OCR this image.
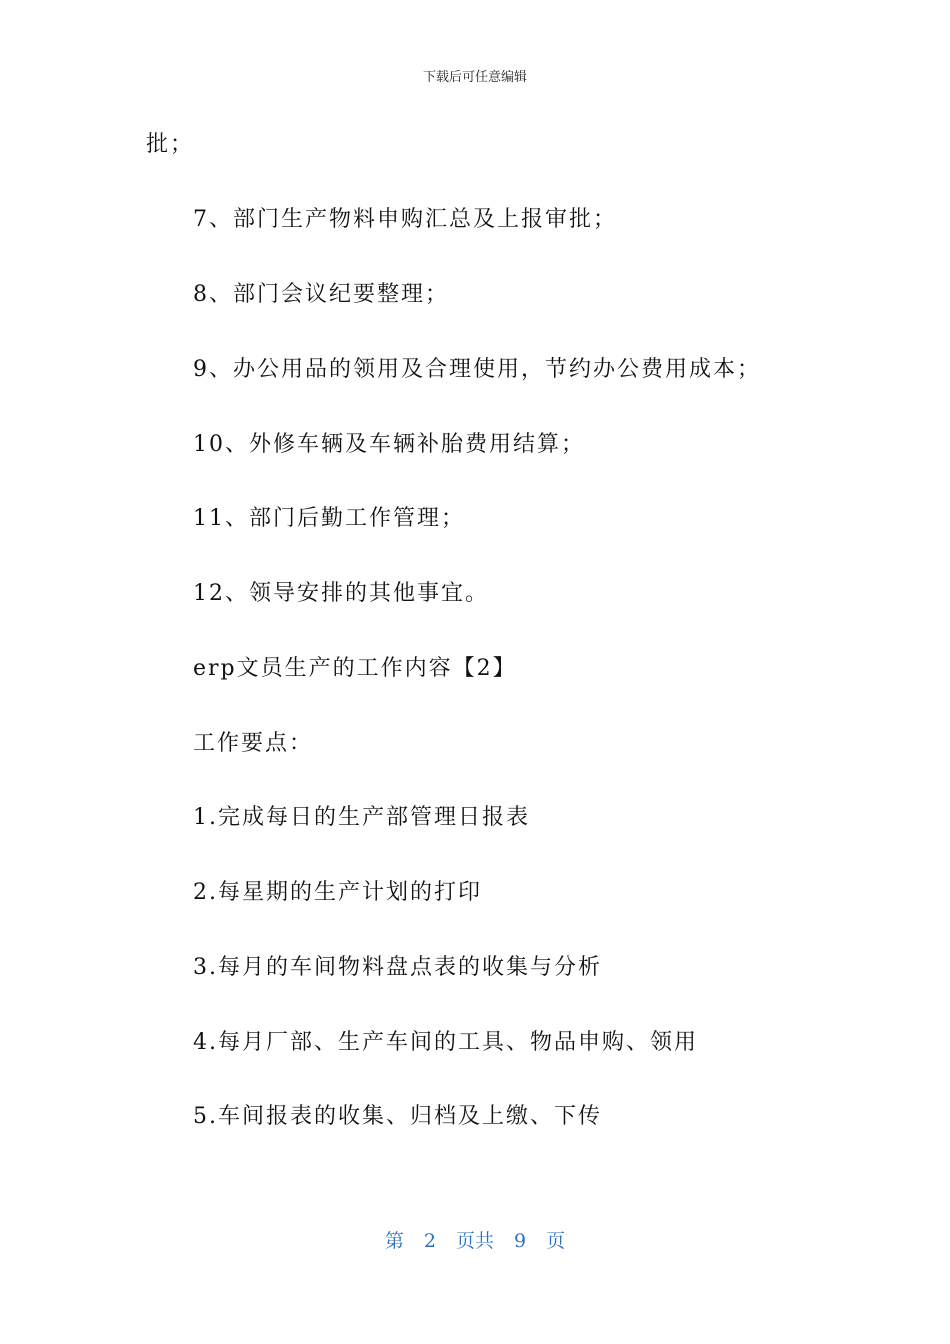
下载后可任意编辑
批；
7、部门生产物料申购汇总及上报审批；
8、部门会议纪要整理；
9、办公用品的领用及合理使用，节约办公费用成本；
10、外修车辆及车辆补胎费用结算；
11、部门后勤工作管理；
12、领导安排的其他事宜。
erp文员生产的工作内容【2】
工作要点：
1.完成每日的生产部管理日报表
2.每星期的生产计划的打印
3.每月的车间物料盘点表的收集与分析
4.每月厂部、生产车间的工具、物品申购、领用
5.车间报表的收集、归档及上缴、下传
第 2 页共 9 页
